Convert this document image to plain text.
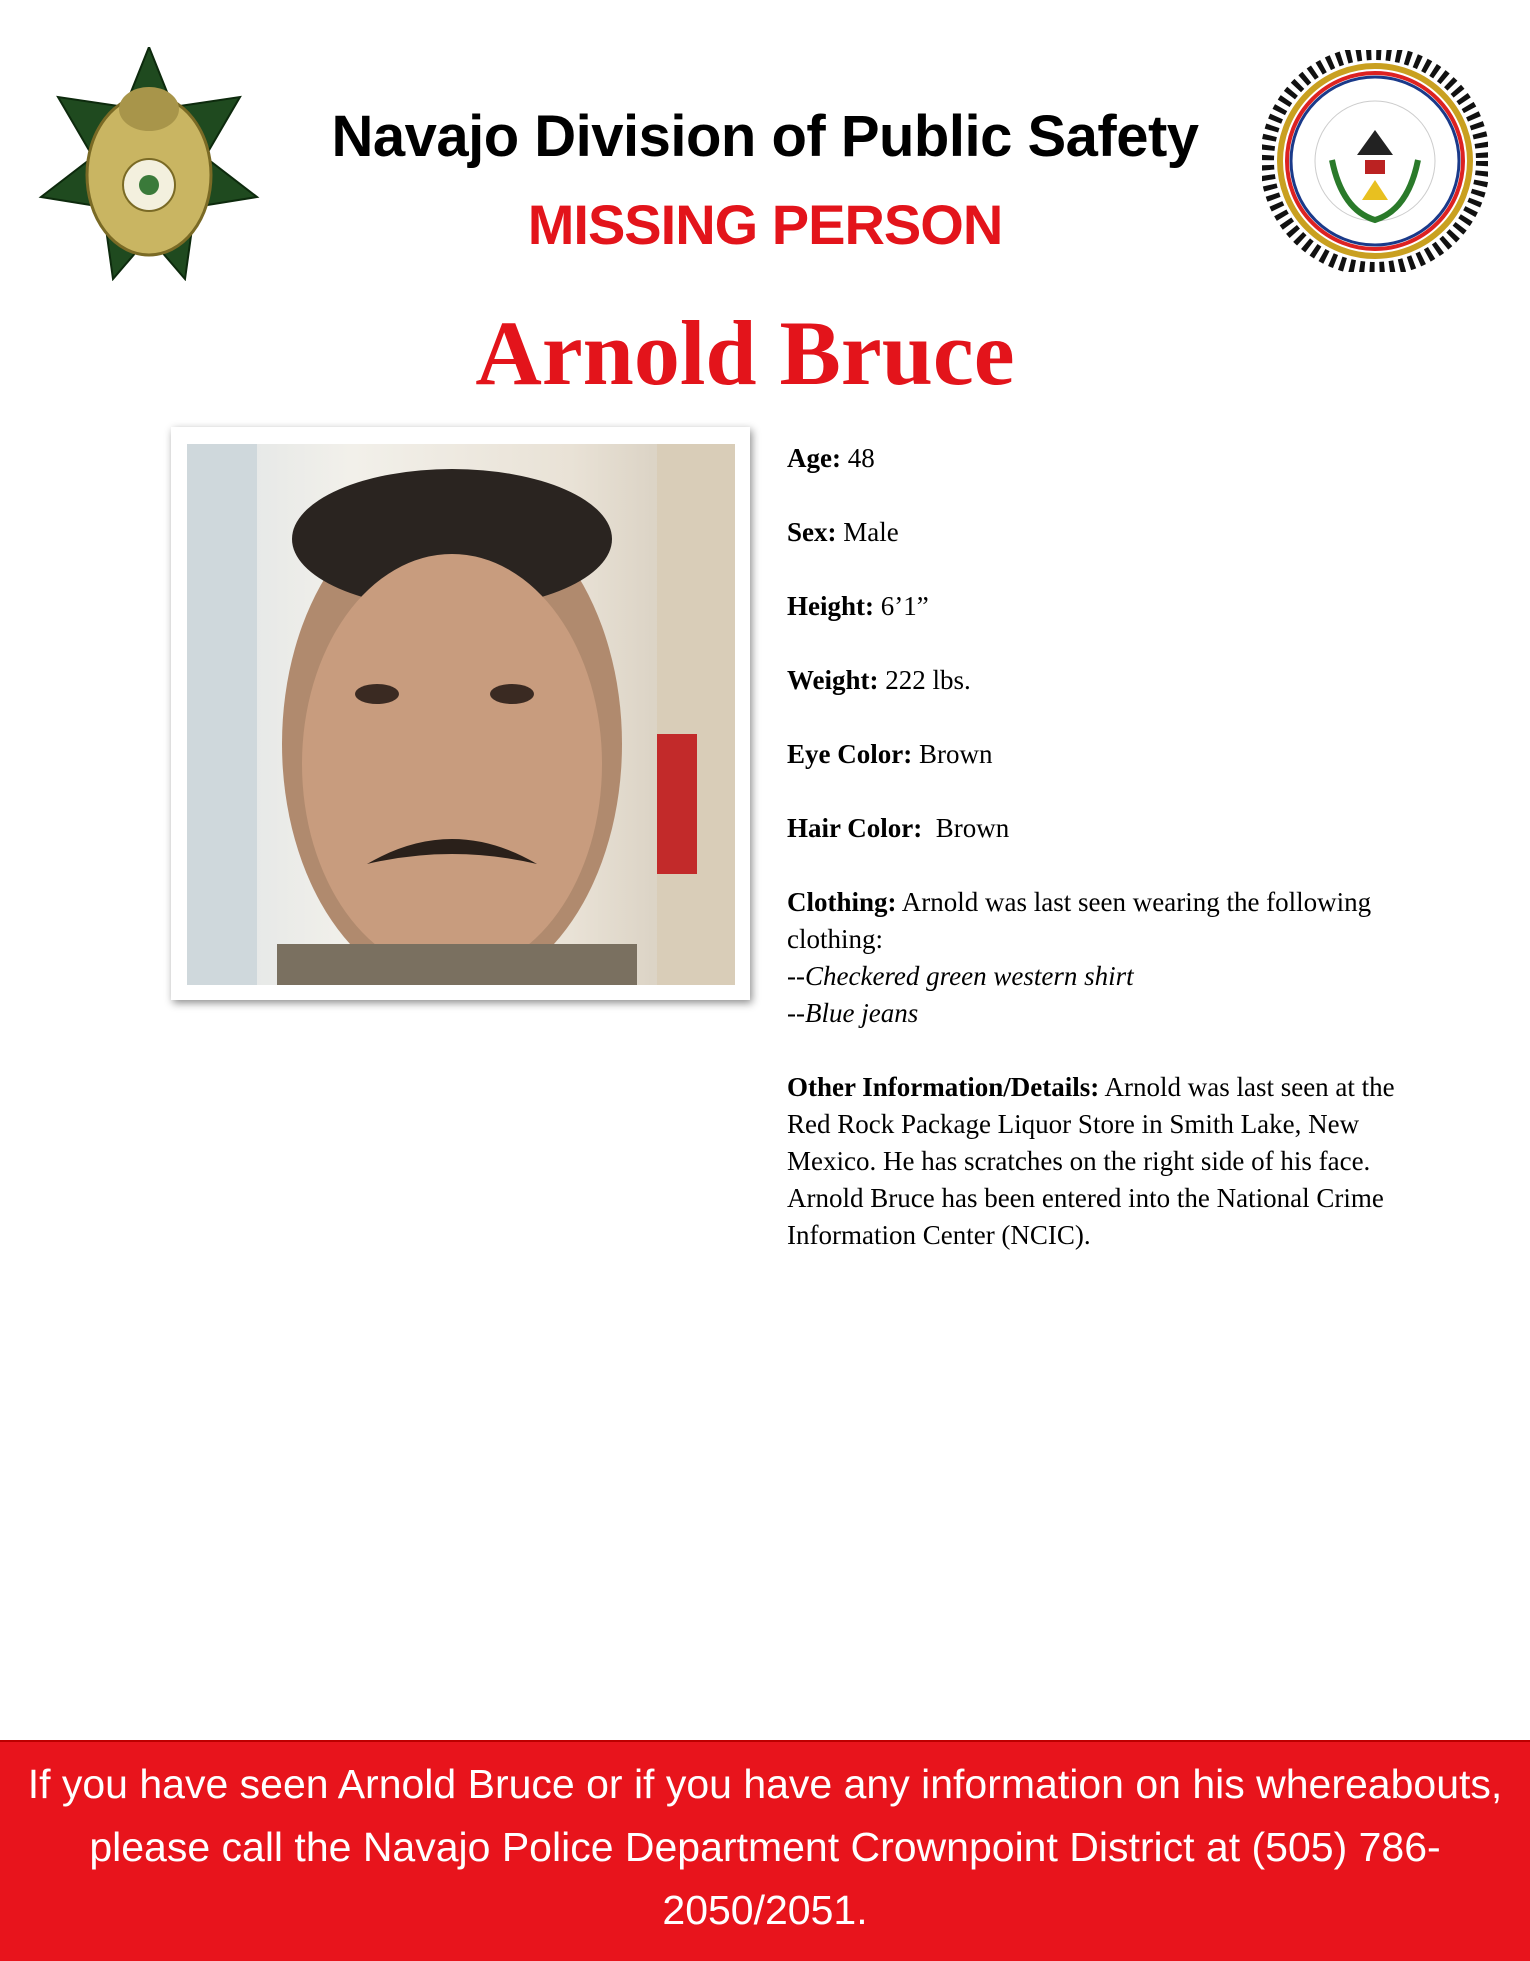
Navajo Division of Public Safety
MISSING PERSON
Arnold Bruce
Age: 48
Sex: Male
Height: 6’1”
Weight: 222 lbs.
Eye Color: Brown
Hair Color:  Brown
Clothing: Arnold was last seen wearing the following clothing:
--Checkered green western shirt
--Blue jeans
Other Information/Details: Arnold was last seen at the Red Rock Package Liquor Store in Smith Lake, New Mexico. He has scratches on the right side of his face. Arnold Bruce has been entered into the National Crime Information Center (NCIC).
If you have seen Arnold Bruce or if you have any information on his whereabouts, please call the Navajo Police Department Crownpoint District at (505) 786-2050/2051.
